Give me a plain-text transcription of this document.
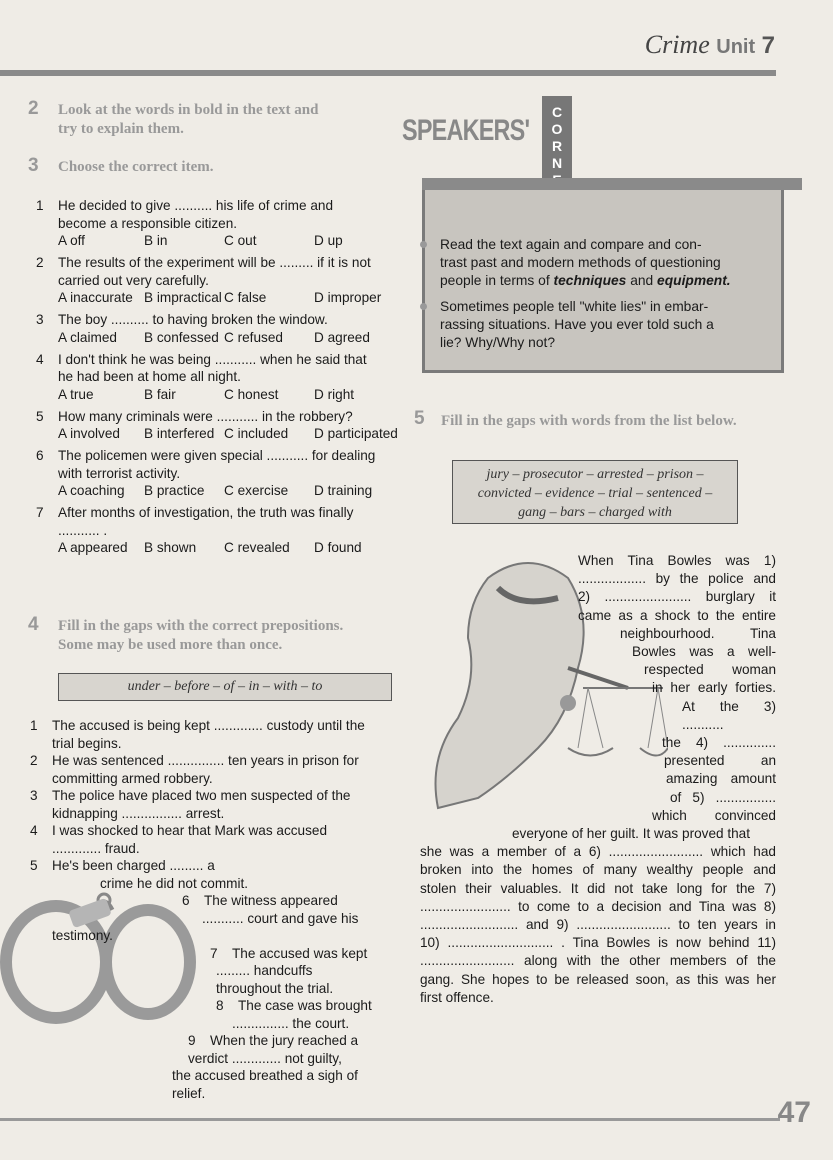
Crime Unit 7
2 Look at the words in bold in the text and
try to explain them.
3 Choose the correct item.
1 He decided to give .......... his life of crime and
become a responsible citizen.
A off	B in	C out	D up
2 The results of the experiment will be ......... if it is not
carried out very carefully.
A inaccurate B impractical C false	D improper
3 The boy .......... to having broken the window.
A claimed B confessed C refused D agreed
4 I don't think he was being ........... when he said that
he had been at home all night.
A true	B fair	C honest	D right
5 How many criminals were ........... in the robbery?
A involved B interfered C included D participated
6 The policemen were given special ........... for dealing
with terrorist activity.
A coaching B practice C exercise D training
7 After months of investigation, the truth was finally
........... .
A appeared B shown C revealed D found
4 Fill in the gaps with the correct prepositions.
Some may be used more than once.
under – before – of – in – with – to
1 The accused is being kept ............. custody until the
trial begins.
2 He was sentenced ............... ten years in prison for
committing armed robbery.
3 The police have placed two men suspected of the
kidnapping ................ arrest.
4 I was shocked to hear that Mark was accused
............. fraud.
5 He's been charged ......... a
crime he did not commit.
6 The witness appeared
........... court and gave his
testimony.
7 The accused was kept
......... handcuffs
throughout the trial.
8 The case was brought
............... the court.
9 When the jury reached a verdict ............. not guilty,
the accused breathed a sigh of relief.
SPEAKERS'
C
O
R
N
Read the text again and compare and con-
trast past and modern methods of questioning
people in terms of techniques and equipment.
Sometimes people tell "white lies" in embar-
rassing situations. Have you ever told such a
lie? Why/Why not?
5 Fill in the gaps with words from the list below.
jury – prosecutor – arrested – prison –
convicted – evidence – trial – sentenced –
gang – bars – charged with
When Tina Bowles was 1)
.................. by the police and
2) ....................... burglary it
came as a shock to the entire
neighbourhood. Tina
Bowles was a well-
respected woman
in her early forties.
At the 3) ...........
the 4) ..............
presented an
amazing amount
of 5) ................
which convinced
everyone of her guilt. It was proved that
she was a member of a 6) ......................... which had
broken into the homes of many wealthy people and
stolen their valuables. It did not take long for the 7)
........................ to come to a decision and Tina was 8)
.......................... and 9) ......................... to ten years in
10) ............................ . Tina Bowles is now behind 11)
......................... along with the other members of the
gang. She hopes to be released soon, as this was her
first offence.
47
